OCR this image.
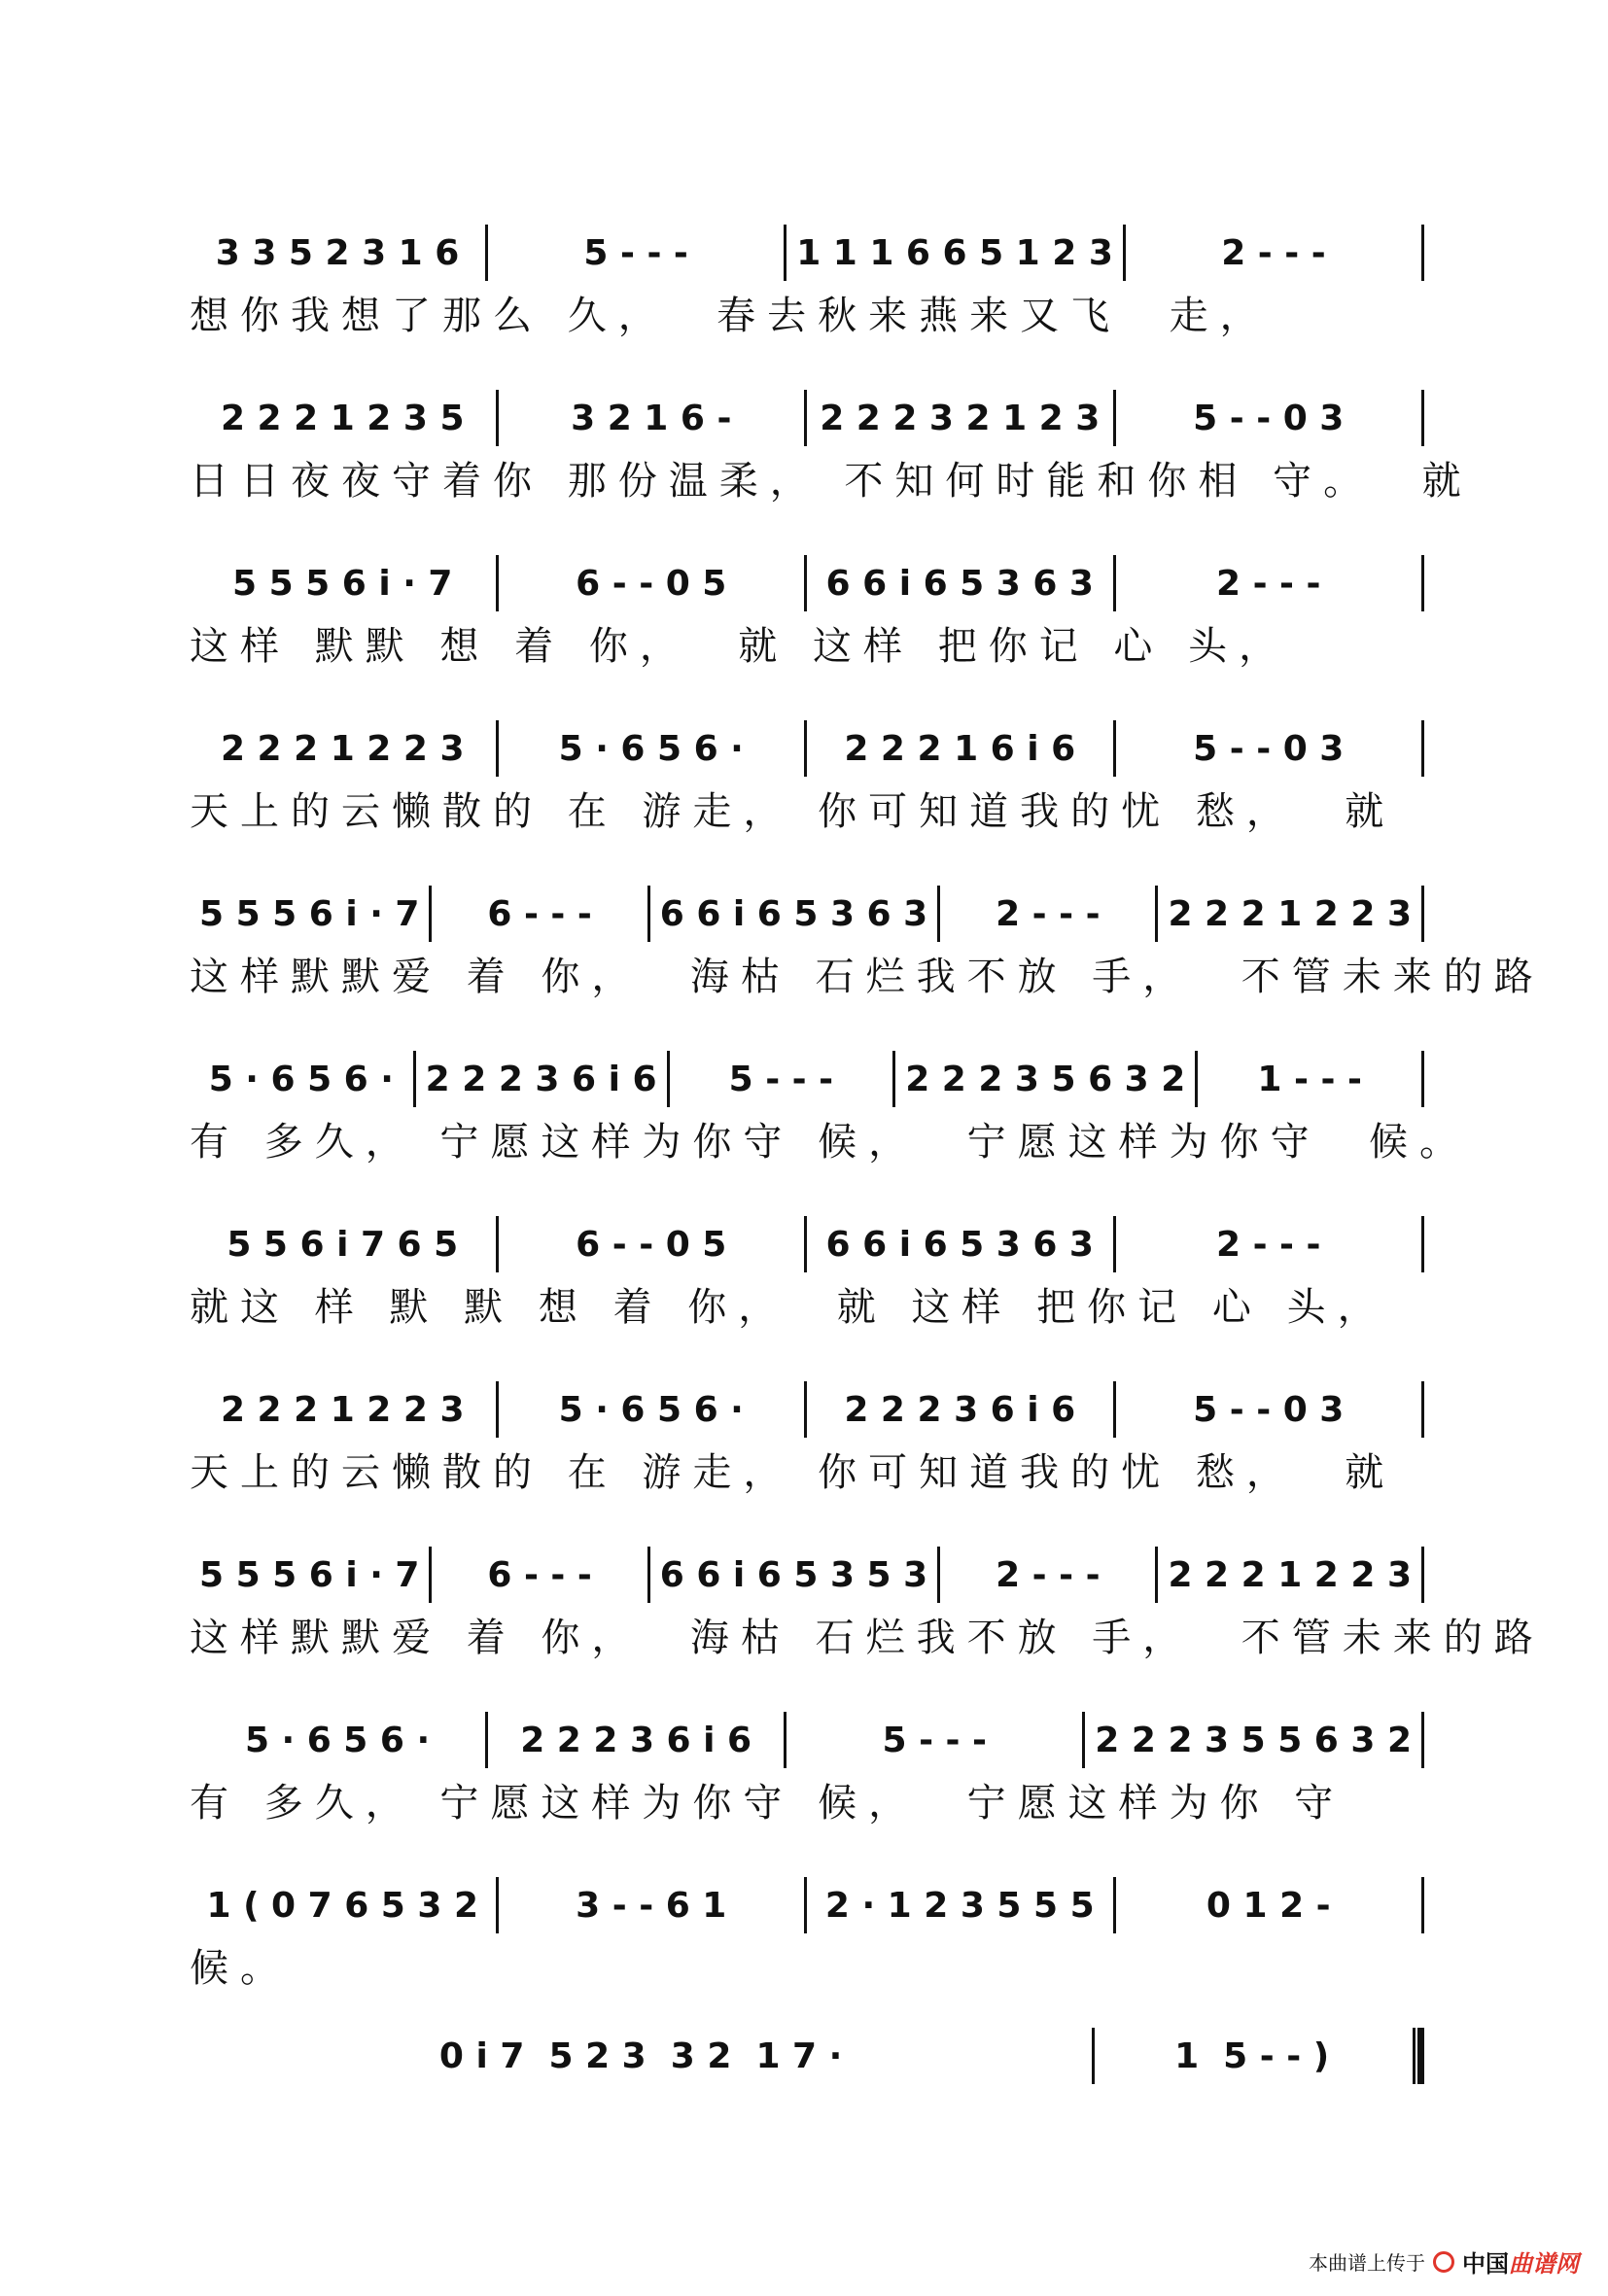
3 3 5 2 3 1 6	5 - - -	1 1 1 6 6 5 1 2 3	2 - - -
想你我想了那么 久，  春去秋来燕来又飞  走，
2 2 2 1 2 3 5	3 2 1 6 -	2 2 2 3 2 1 2 3	5 - - 0 3
日日夜夜守着你 那份温柔， 不知何时能和你相 守。  就
5 5 5 6 i · 7	6 - - 0 5	6 6 i 6 5 3 6 3	2 - - -
这样 默默 想 着 你，  就 这样 把你记 心 头，
2 2 2 1 2 2 3	5 · 6 5 6 ·	2 2 2 1 6 i 6	5 - - 0 3
天上的云懒散的 在 游走， 你可知道我的忧 愁，  就
5 5 5 6 i · 7	6 - - -	6 6 i 6 5 3 6 3	2 - - -	2 2 2 1 2 2 3
这样默默爱 着 你，  海枯 石烂我不放 手，  不管未来的路
5 · 6 5 6 · 2 2 2 3 6 i 6	5 - - -	2 2 2 3 5 6 3 2	1 - - -
有 多久， 宁愿这样为你守 候，  宁愿这样为你守  候。
5 5 6 i 7 6 5	6 - - 0 5	6 6 i 6 5 3 6 3	2 - - -
就这 样 默 默 想 着 你，  就 这样 把你记 心 头，
2 2 2 1 2 2 3	5 · 6 5 6 ·	2 2 2 3 6 i 6	5 - - 0 3
天上的云懒散的 在 游走， 你可知道我的忧 愁，  就
5 5 5 6 i · 7	6 - - -	6 6 i 6 5 3 5 3	2 - - -	2 2 2 1 2 2 3
这样默默爱 着 你，  海枯 石烂我不放 手，  不管未来的路
5 · 6 5 6 ·	2 2 2 3 6 i 6	5 - - -	2 2 2 3 5 5 6 3 2
有 多久， 宁愿这样为你守 候，  宁愿这样为你 守
1 ( 0 7 6 5 3 2	3 - - 6 1	2 · 1 2 3 5 5 5	0 1 2 -
候。
0 i 7  5 2 3  3 2  1 7 ·	1  5 - - )
本曲谱上传于 中国曲谱网
